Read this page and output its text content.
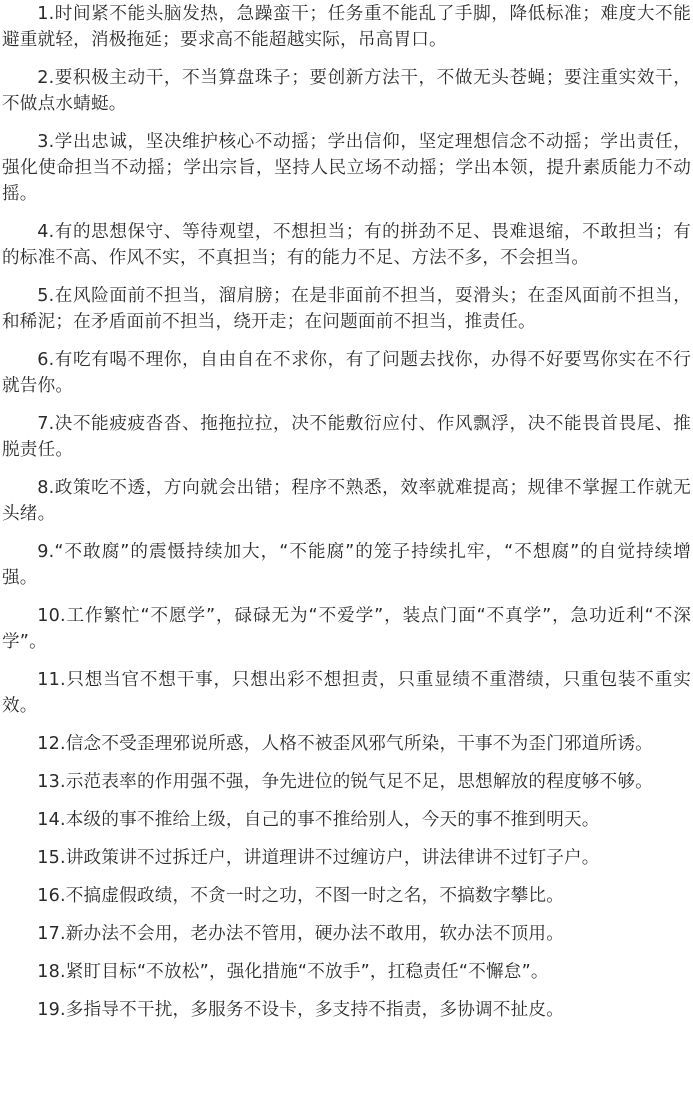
1.时间紧不能头脑发热，急躁蛮干；任务重不能乱了手脚，降低标准；难度大不能避重就轻，消极拖延；要求高不能超越实际，吊高胃口。

2.要积极主动干，不当算盘珠子；要创新方法干，不做无头苍蝇；要注重实效干，不做点水蜻蜓。

3.学出忠诚，坚决维护核心不动摇；学出信仰，坚定理想信念不动摇；学出责任，强化使命担当不动摇；学出宗旨，坚持人民立场不动摇；学出本领，提升素质能力不动摇。

4.有的思想保守、等待观望，不想担当；有的拼劲不足、畏难退缩，不敢担当；有的标准不高、作风不实，不真担当；有的能力不足、方法不多，不会担当。

5.在风险面前不担当，溜肩膀；在是非面前不担当，耍滑头；在歪风面前不担当，和稀泥；在矛盾面前不担当，绕开走；在问题面前不担当，推责任。

6.有吃有喝不理你，自由自在不求你，有了问题去找你，办得不好要骂你实在不行就告你。

7.决不能疲疲沓沓、拖拖拉拉，决不能敷衍应付、作风飘浮，决不能畏首畏尾、推脱责任。

8.政策吃不透，方向就会出错；程序不熟悉，效率就难提高；规律不掌握工作就无头绪。

9.“不敢腐”的震慑持续加大，“不能腐”的笼子持续扎牢，“不想腐”的自觉持续增强。

10.工作繁忙“不愿学”，碌碌无为“不爱学”，装点门面“不真学”，急功近利“不深学”。

11.只想当官不想干事，只想出彩不想担责，只重显绩不重潜绩，只重包装不重实效。

12.信念不受歪理邪说所惑，人格不被歪风邪气所染，干事不为歪门邪道所诱。

13.示范表率的作用强不强，争先进位的锐气足不足，思想解放的程度够不够。

14.本级的事不推给上级，自己的事不推给别人，今天的事不推到明天。

15.讲政策讲不过拆迁户，讲道理讲不过缠访户，讲法律讲不过钉子户。

16.不搞虚假政绩，不贪一时之功，不图一时之名，不搞数字攀比。

17.新办法不会用，老办法不管用，硬办法不敢用，软办法不顶用。

18.紧盯目标“不放松”，强化措施“不放手”，扛稳责任“不懈怠”。

19.多指导不干扰，多服务不设卡，多支持不指责，多协调不扯皮。
